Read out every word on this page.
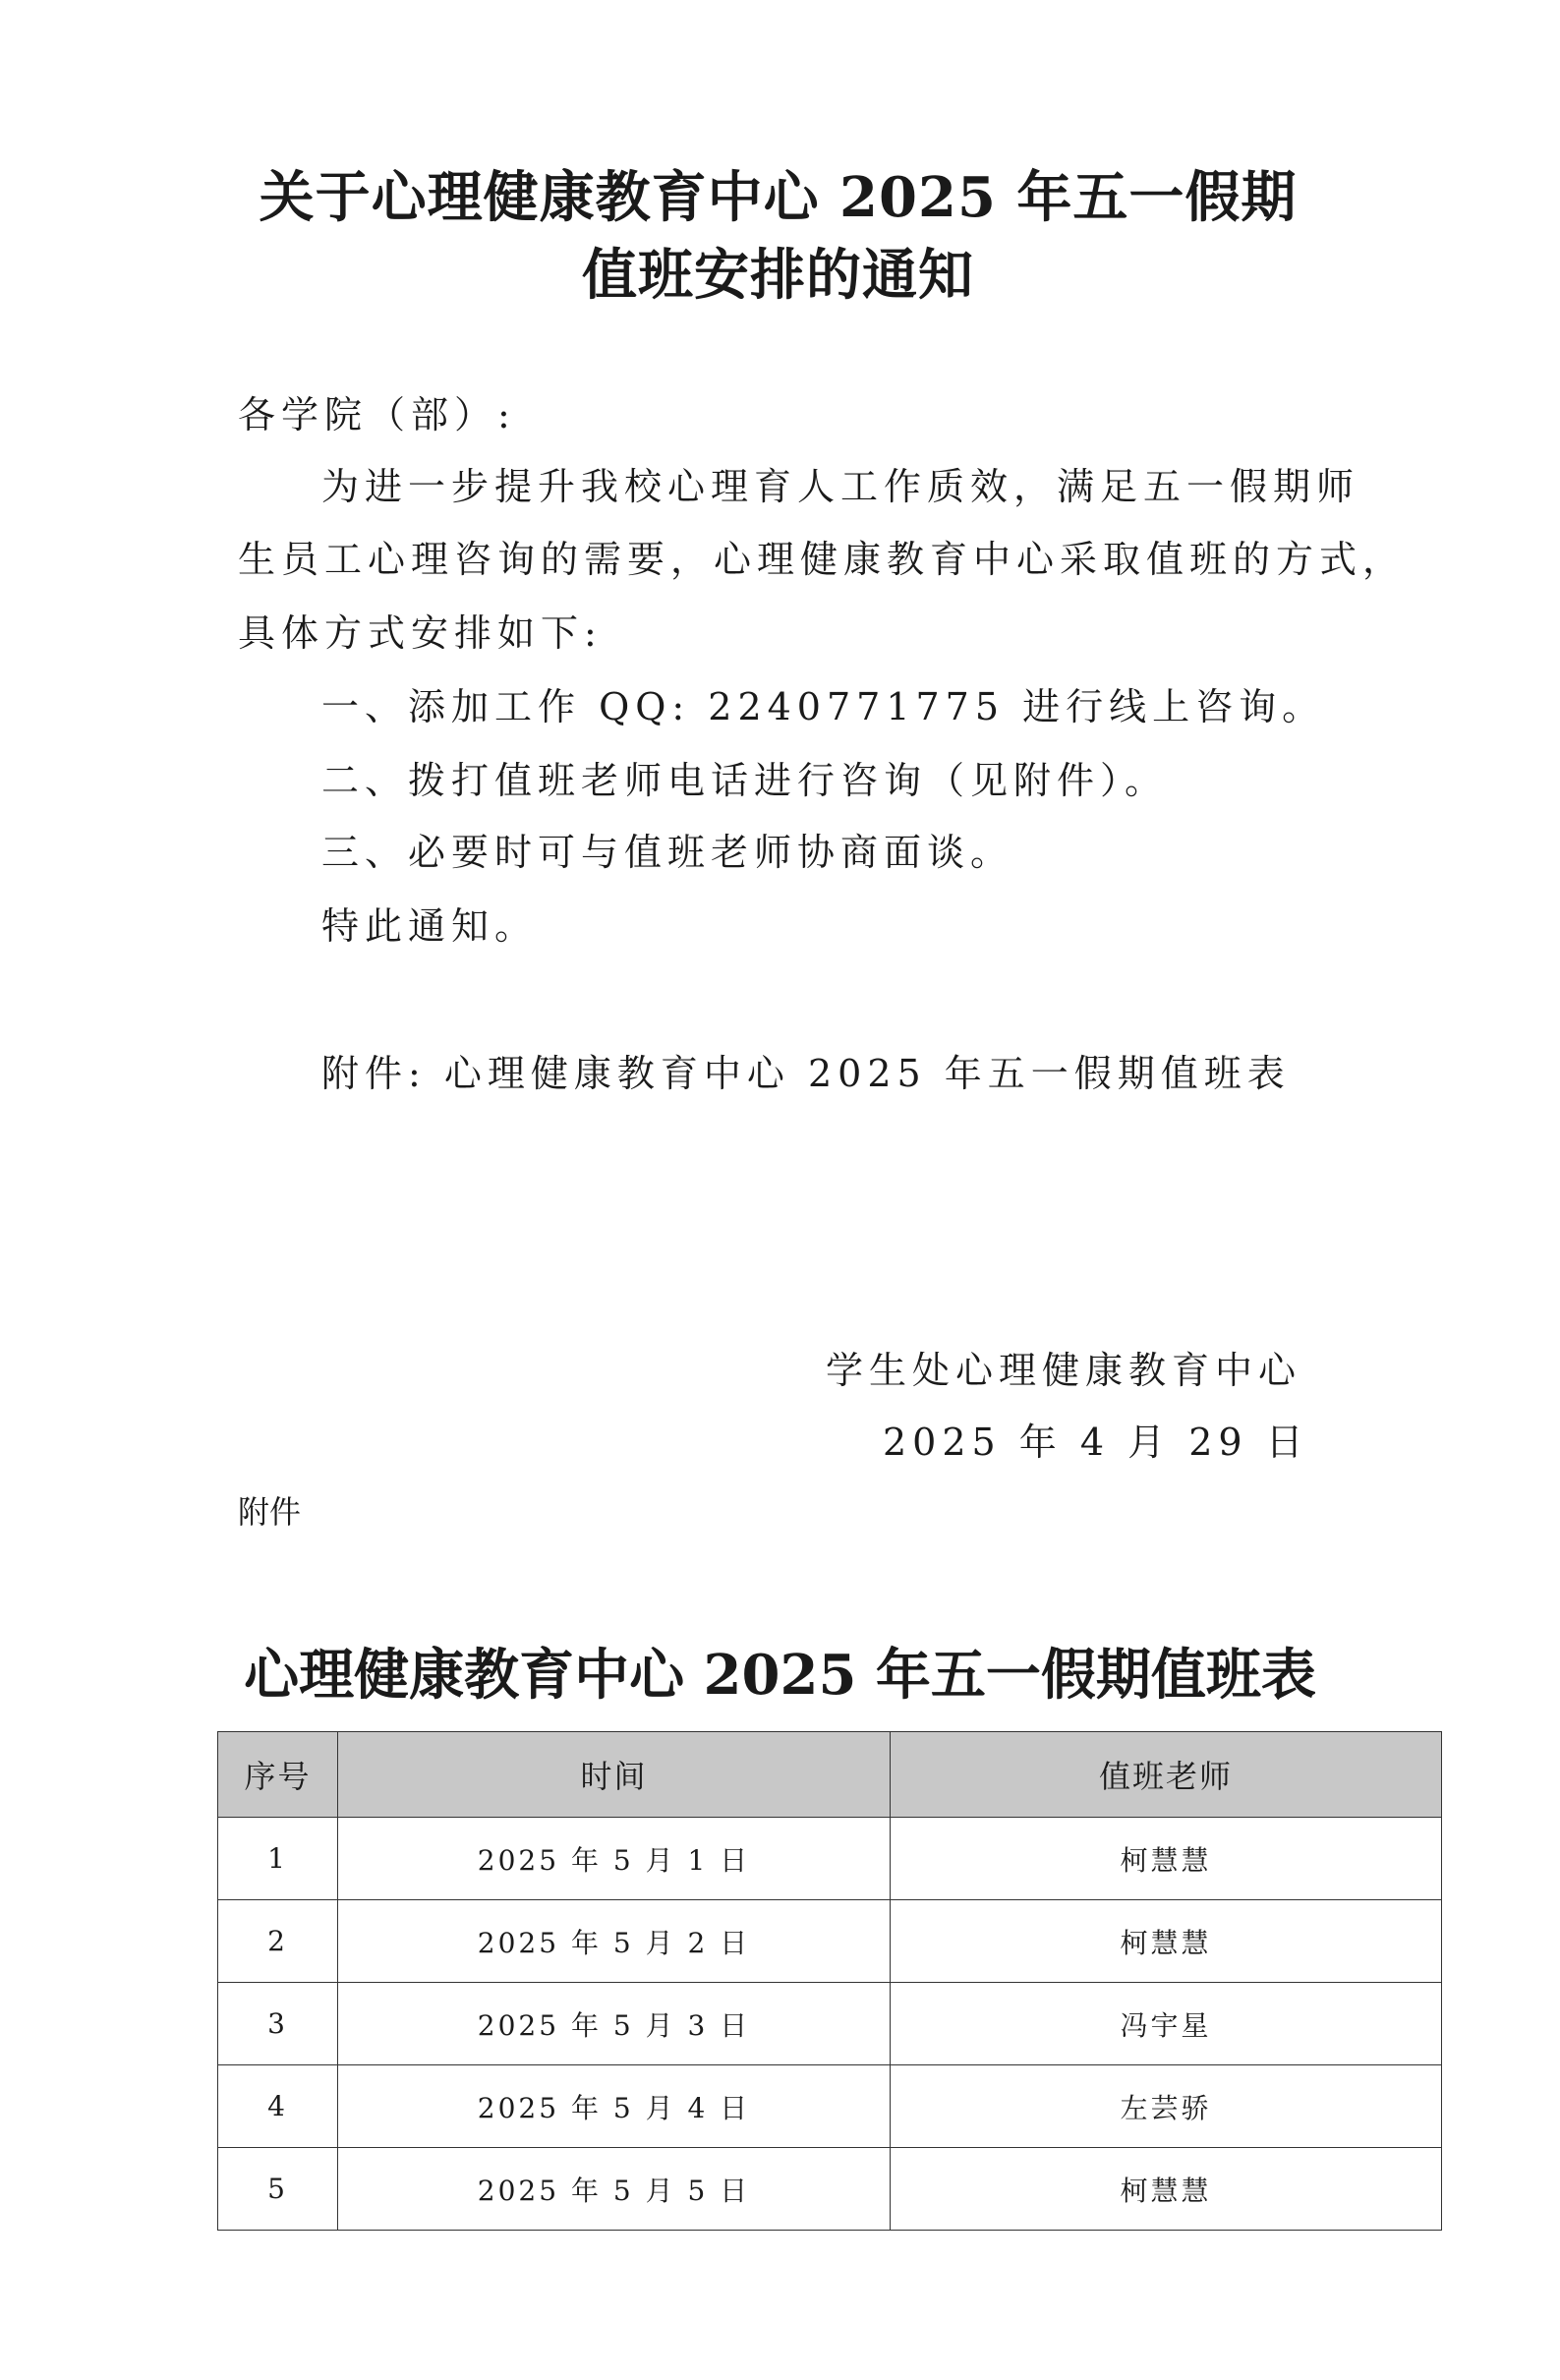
关于心理健康教育中心 2025 年五一假期
值班安排的通知
各学院（部）:
为进一步提升我校心理育人工作质效，满足五一假期师
生员工心理咨询的需要，心理健康教育中心采取值班的方式，
具体方式安排如下:
一、添加工作 QQ: 2240771775 进行线上咨询。
二、拨打值班老师电话进行咨询（见附件）。
三、必要时可与值班老师协商面谈。
特此通知。
附件: 心理健康教育中心 2025 年五一假期值班表
学生处心理健康教育中心
2025 年 4 月 29 日
附件
心理健康教育中心 2025 年五一假期值班表
序号	时间	值班老师
1	2025 年 5 月 1 日	柯慧慧
2	2025 年 5 月 2 日	柯慧慧
3	2025 年 5 月 3 日	冯宇星
4	2025 年 5 月 4 日	左芸骄
5	2025 年 5 月 5 日	柯慧慧
